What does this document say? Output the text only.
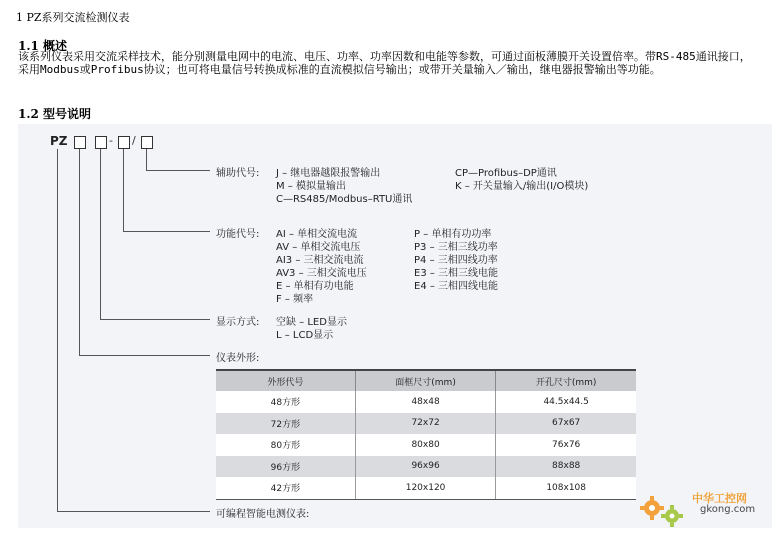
1 PZ系列交流检测仪表
1.1 概述
该系列仪表采用交流采样技术，能分别测量电网中的电流、电压、功率、功率因数和电能等参数，可通过面板薄膜开关设置倍率。带RS-485通讯接口，采用Modbus或Profibus协议；也可将电量信号转换成标准的直流模拟信号输出；或带开关量输入／输出，继电器报警输出等功能。
1.2 型号说明
PZ	- /
辅助代号: J – 继电器越限报警输出
M – 模拟量输出
C—RS485/Modbus–RTU通讯
CP—Profibus–DP通讯
K – 开关量输入/输出(I/O模块)
功能代号: AI – 单相交流电流
AV – 单相交流电压
AI3 – 三相交流电流
AV3 – 三相交流电压
E – 单相有功电能
F – 频率
P – 单相有功功率
P3 – 三相三线功率
P4 – 三相四线功率
E3 – 三相三线电能
E4 – 三相四线电能
显示方式: 空缺 – LED显示
L – LCD显示
仪表外形:
外形代号	面框尺寸(mm)	开孔尺寸(mm)
48方形	48x48	44.5x44.5
72方形	72x72	67x67
80方形	80x80	76x76
96方形	96x96	88x88
42方形	120x120	108x108
可编程智能电测仪表:
中华工控网
gkong.com
